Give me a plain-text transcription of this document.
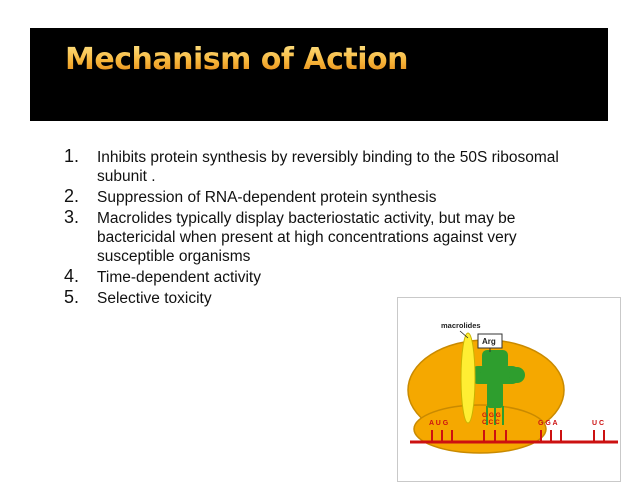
Mechanism of Action
1. Inhibits protein synthesis by reversibly binding to the 50S ribosomal subunit .
2. Suppression of RNA-dependent protein synthesis
3. Macrolides typically display bacteriostatic activity, but may be bactericidal when present at high concentrations against very susceptible organisms
4. Time-dependent activity
5. Selective toxicity
macrolides
Arg
G G G
C C C
A U G	G G A	U C
